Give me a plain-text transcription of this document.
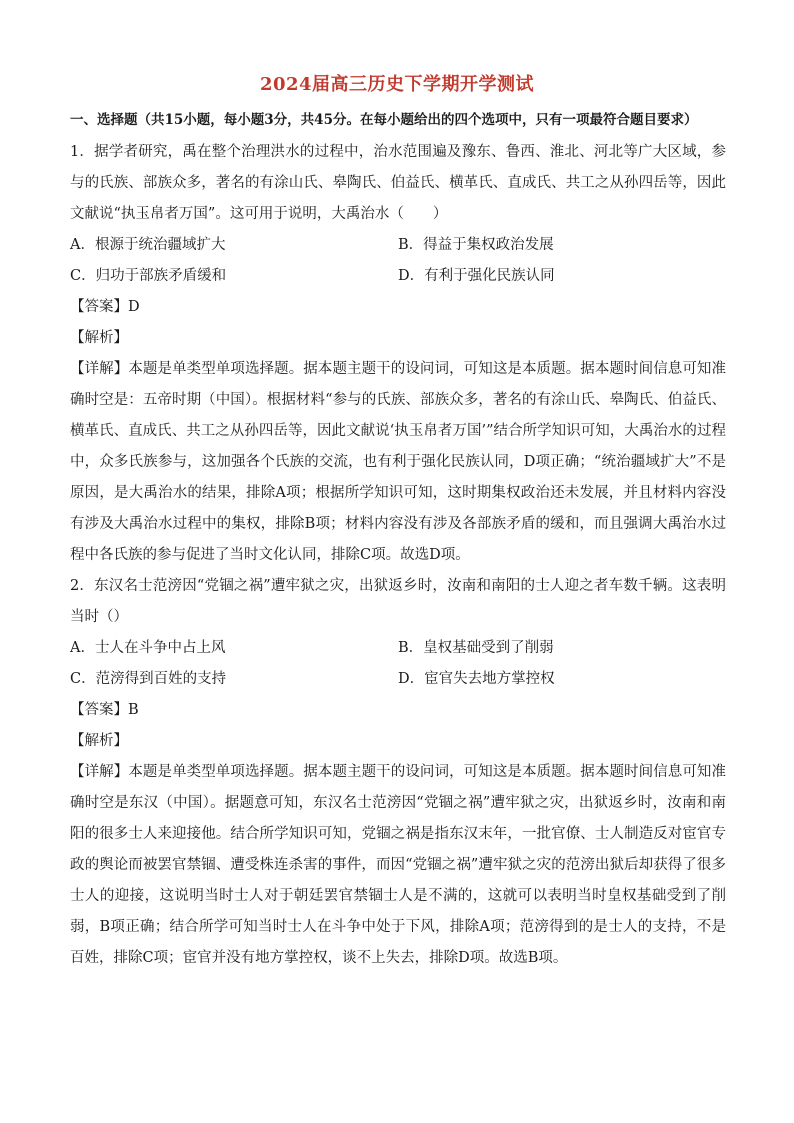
2024届高三历史下学期开学测试
一、选择题（共15小题，每小题3分，共45分。在每小题给出的四个选项中，只有一项最符合题目要求）

1．据学者研究，禹在整个治理洪水的过程中，治水范围遍及豫东、鲁西、淮北、河北等广大区域，参与的氏族、部族众多，著名的有涂山氏、皋陶氏、伯益氏、横革氏、直成氏、共工之从孙四岳等，因此文献说“执玉帛者万国”。这可用于说明，大禹治水（　　）

A．根源于统治疆域扩大	B．得益于集权政治发展
C．归功于部族矛盾缓和	D．有利于强化民族认同
【答案】D
【解析】

【详解】本题是单类型单项选择题。据本题主题干的设问词，可知这是本质题。据本题时间信息可知准确时空是：五帝时期（中国）。根据材料“参与的氏族、部族众多，著名的有涂山氏、皋陶氏、伯益氏、横革氏、直成氏、共工之从孙四岳等，因此文献说‘执玉帛者万国’”结合所学知识可知，大禹治水的过程中，众多氏族参与，这加强各个氏族的交流，也有利于强化民族认同，D项正确；“统治疆域扩大”不是原因，是大禹治水的结果，排除A项；根据所学知识可知，这时期集权政治还未发展，并且材料内容没有涉及大禹治水过程中的集权，排除B项；材料内容没有涉及各部族矛盾的缓和，而且强调大禹治水过程中各氏族的参与促进了当时文化认同，排除C项。故选D项。

2．东汉名士范滂因“党锢之祸”遭牢狱之灾，出狱返乡时，汝南和南阳的士人迎之者车数千辆。这表明当时（）

A．士人在斗争中占上风	B．皇权基础受到了削弱
C．范滂得到百姓的支持	D．宦官失去地方掌控权
【答案】B
【解析】

【详解】本题是单类型单项选择题。据本题主题干的设问词，可知这是本质题。据本题时间信息可知准确时空是东汉（中国）。据题意可知，东汉名士范滂因“党锢之祸”遭牢狱之灾，出狱返乡时，汝南和南阳的很多士人来迎接他。结合所学知识可知，党锢之祸是指东汉末年，一批官僚、士人制造反对宦官专政的舆论而被罢官禁锢、遭受株连杀害的事件，而因“党锢之祸”遭牢狱之灾的范滂出狱后却获得了很多士人的迎接，这说明当时士人对于朝廷罢官禁锢士人是不满的，这就可以表明当时皇权基础受到了削弱，B项正确；结合所学可知当时士人在斗争中处于下风，排除A项；范滂得到的是士人的支持，不是百姓，排除C项；宦官并没有地方掌控权，谈不上失去，排除D项。故选B项。
